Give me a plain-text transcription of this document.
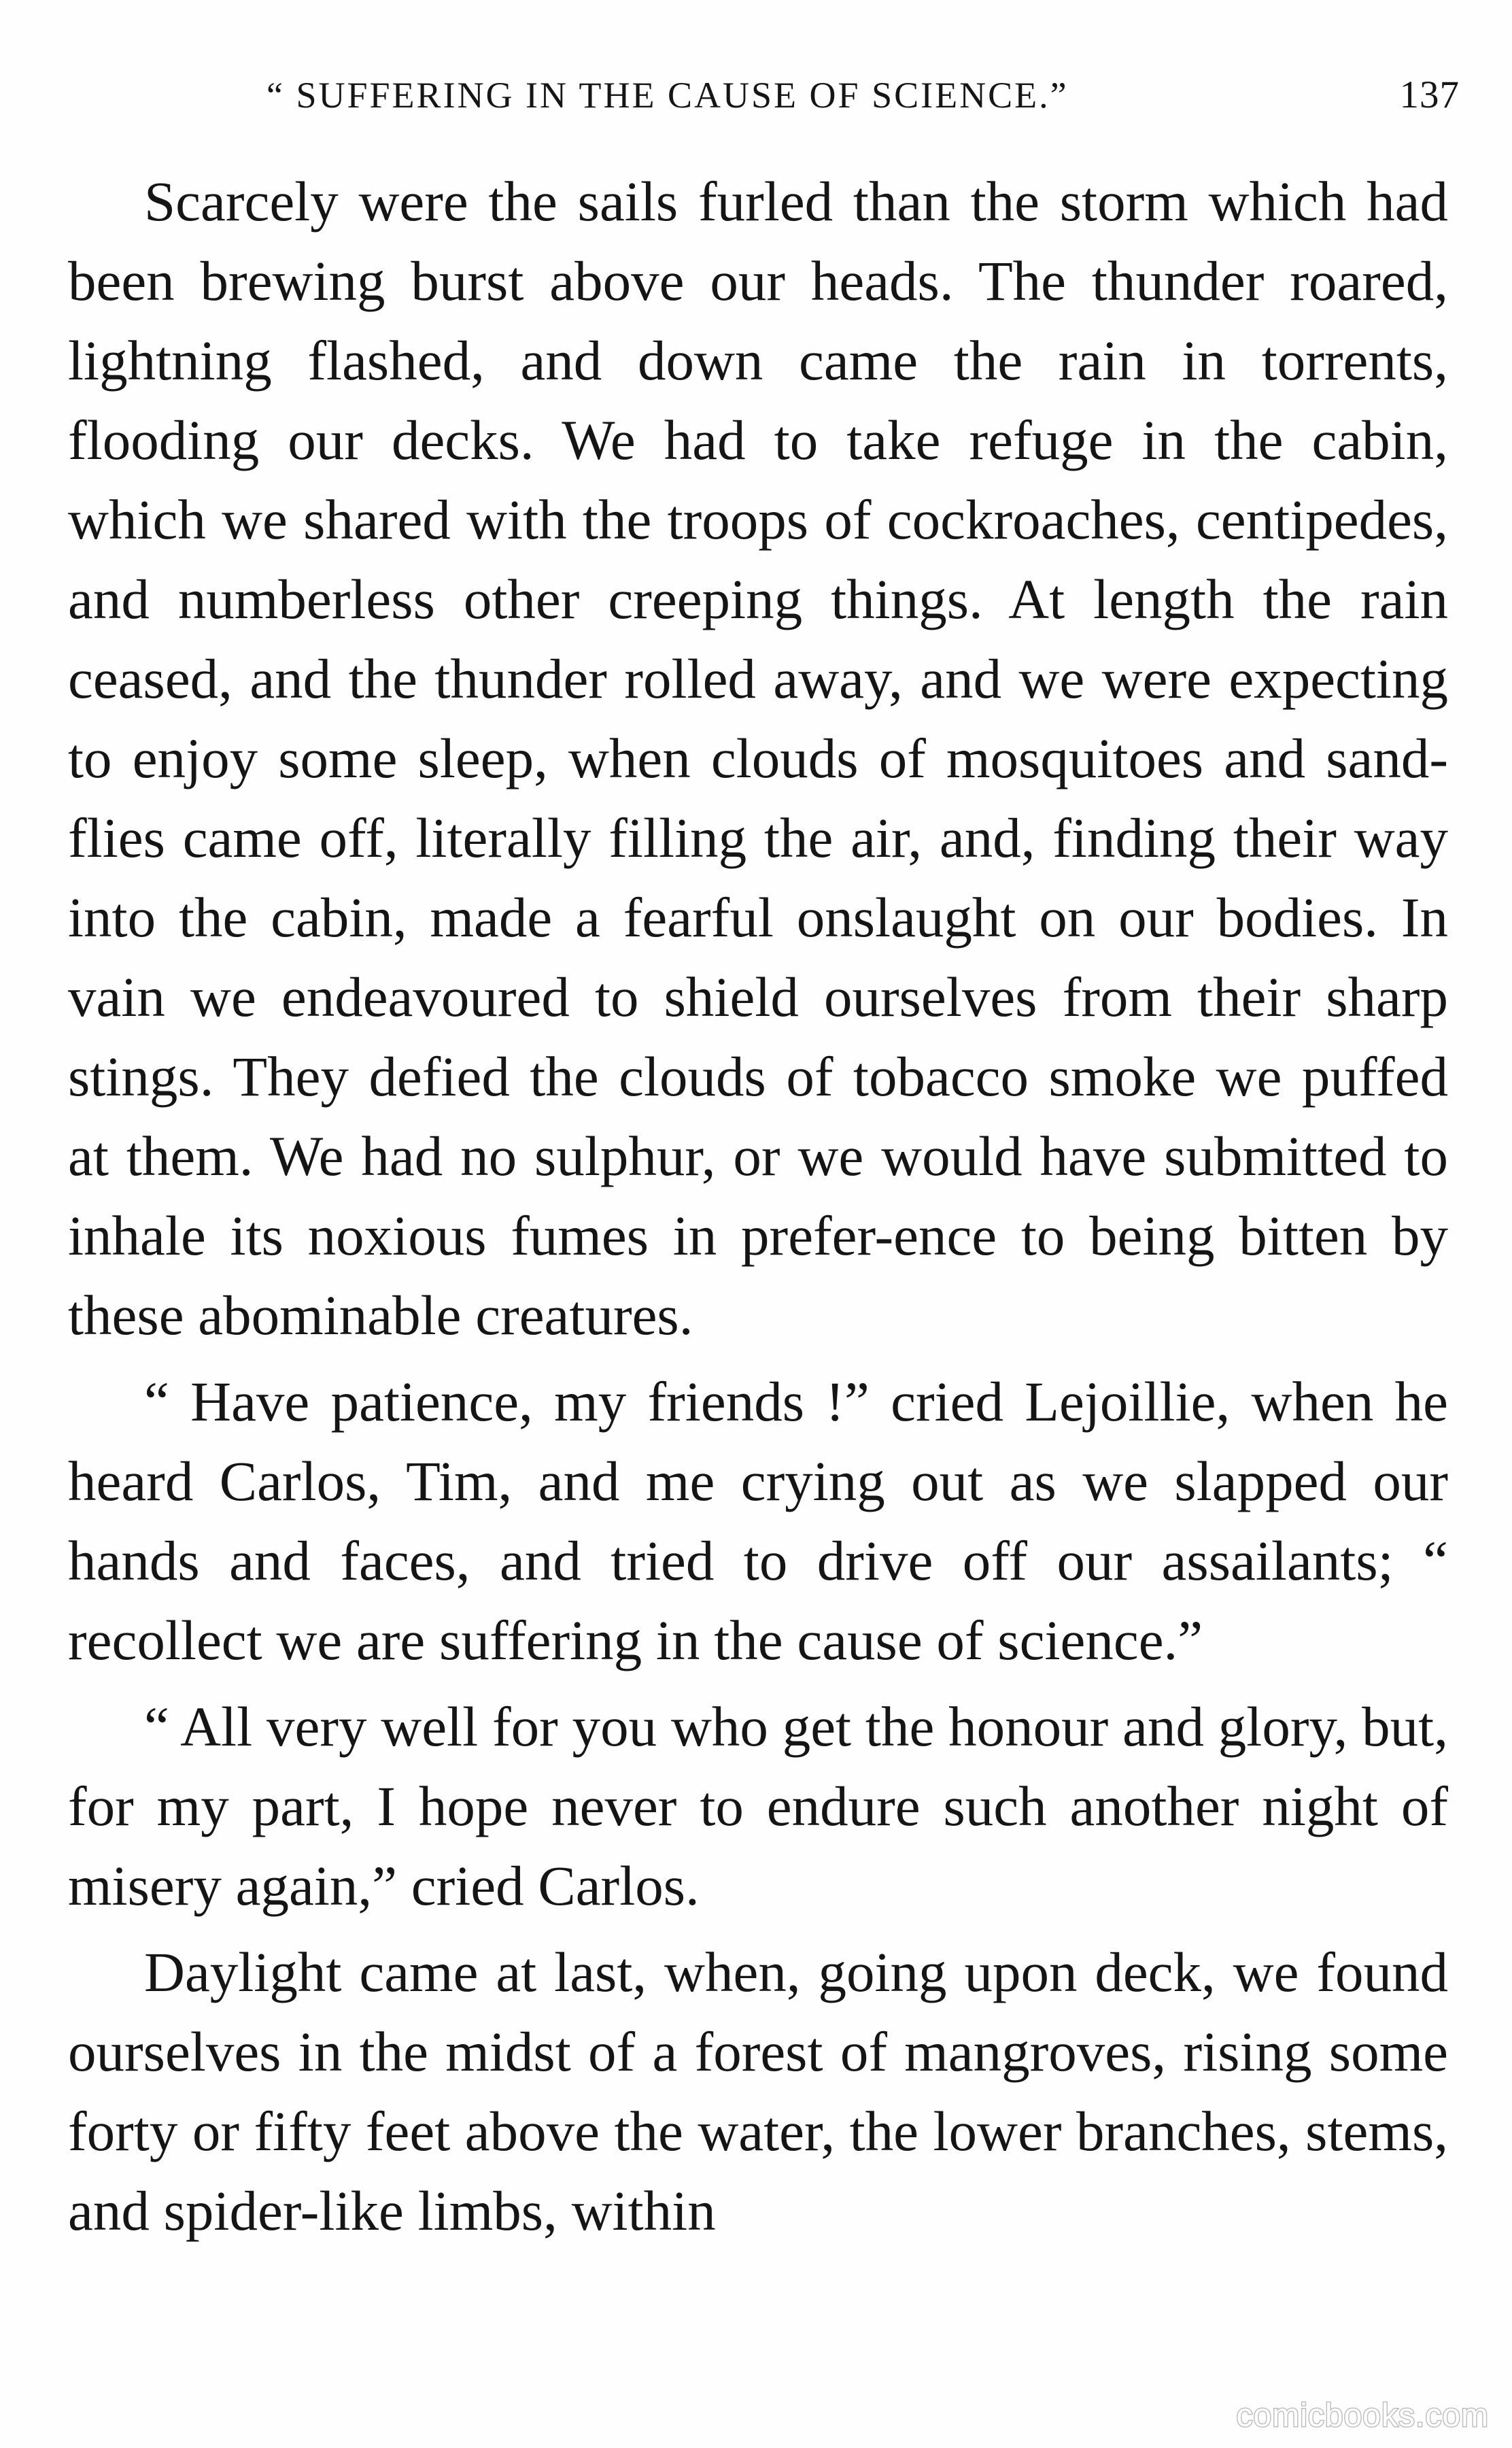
“ SUFFERING IN THE CAUSE OF SCIENCE.”	137

Scarcely were the sails furled than the storm which had been brewing burst above our heads. The thunder roared, lightning flashed, and down came the rain in torrents, flooding our decks. We had to take refuge in the cabin, which we shared with the troops of cockroaches, centipedes, and numberless other creeping things. At length the rain ceased, and the thunder rolled away, and we were expecting to enjoy some sleep, when clouds of mosquitoes and sand-flies came off, literally filling the air, and, finding their way into the cabin, made a fearful onslaught on our bodies. In vain we endeavoured to shield ourselves from their sharp stings. They defied the clouds of tobacco smoke we puffed at them. We had no sulphur, or we would have submitted to inhale its noxious fumes in prefer-ence to being bitten by these abominable creatures.

“ Have patience, my friends !” cried Lejoillie, when he heard Carlos, Tim, and me crying out as we slapped our hands and faces, and tried to drive off our assailants; “ recollect we are suffering in the cause of science.”

“ All very well for you who get the honour and glory, but, for my part, I hope never to endure such another night of misery again,” cried Carlos.

Daylight came at last, when, going upon deck, we found ourselves in the midst of a forest of mangroves, rising some forty or fifty feet above the water, the lower branches, stems, and spider-like limbs, within

comicbooks.com
